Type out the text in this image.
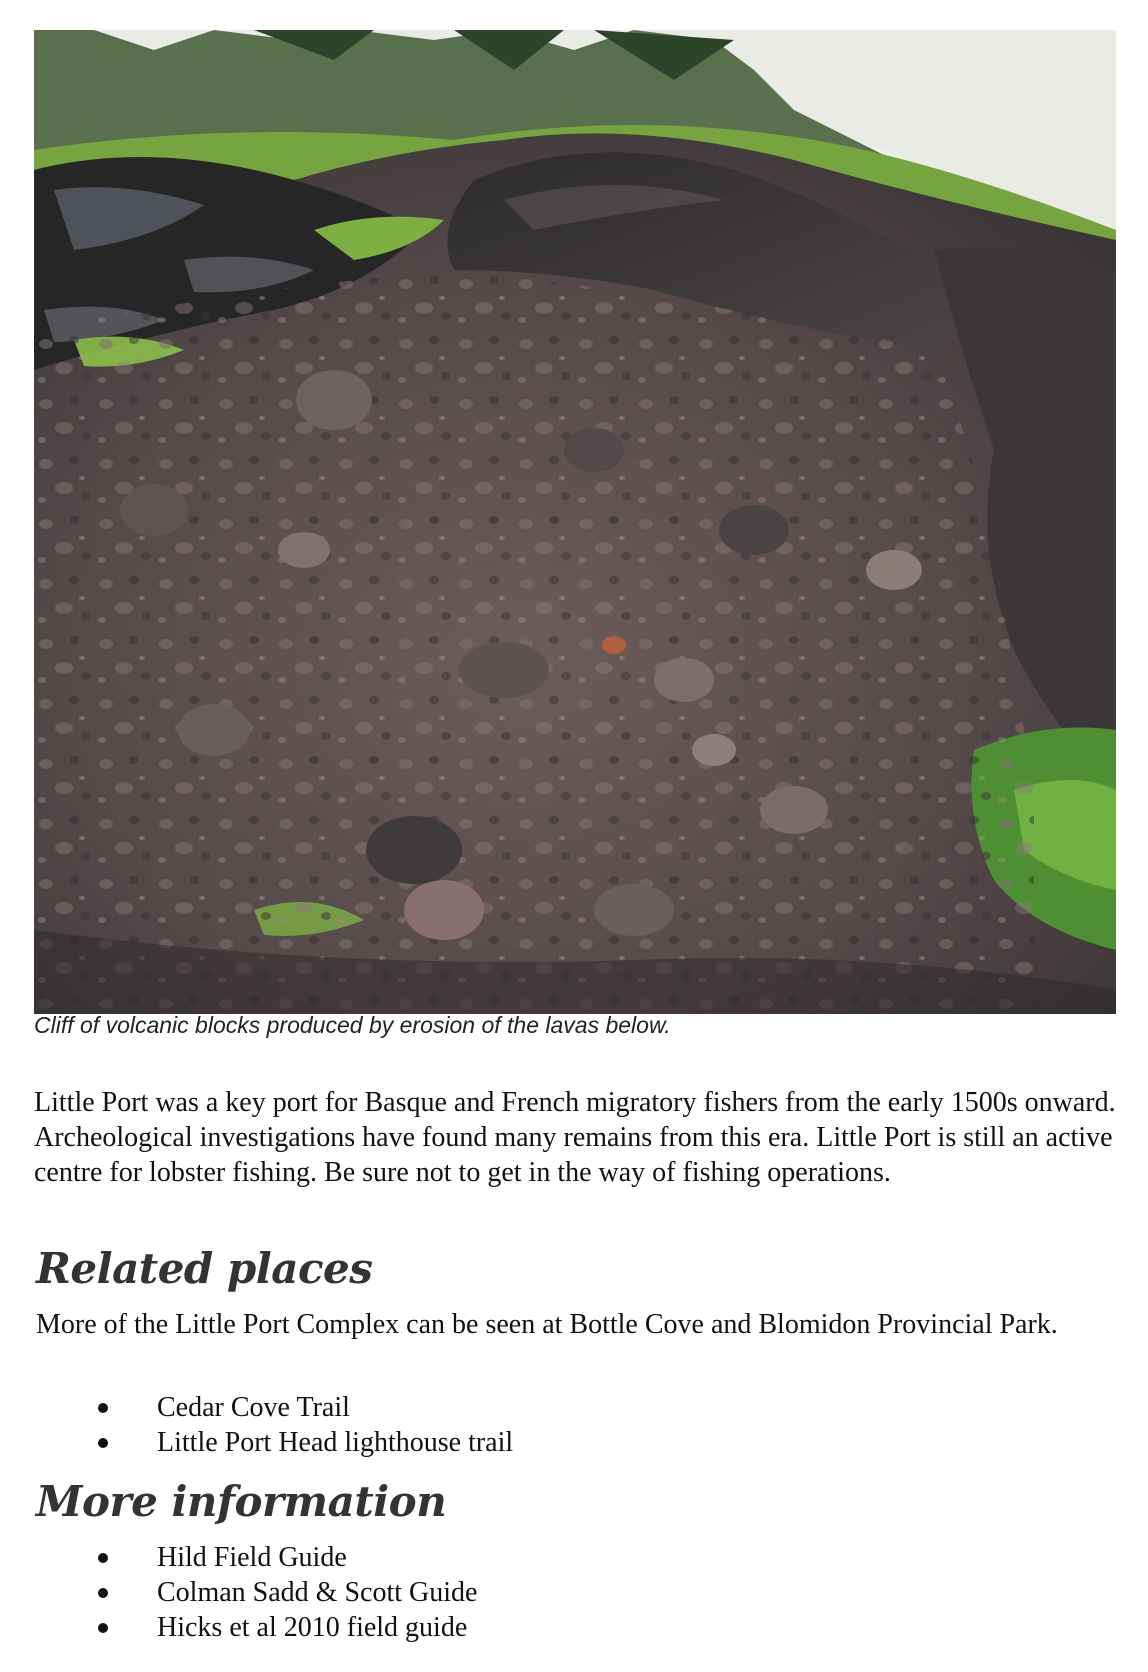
Cliff of volcanic blocks produced by erosion of the lavas below.

Little Port was a key port for Basque and French migratory fishers from the early 1500s onward. Archeological investigations have found many remains from this era. Little Port is still an active centre for lobster fishing. Be sure not to get in the way of fishing operations.

Related places

More of the Little Port Complex can be seen at Bottle Cove and Blomidon Provincial Park.

Cedar Cove Trail
Little Port Head lighthouse trail
More information
Hild Field Guide
Colman Sadd & Scott Guide
Hicks et al 2010 field guide
